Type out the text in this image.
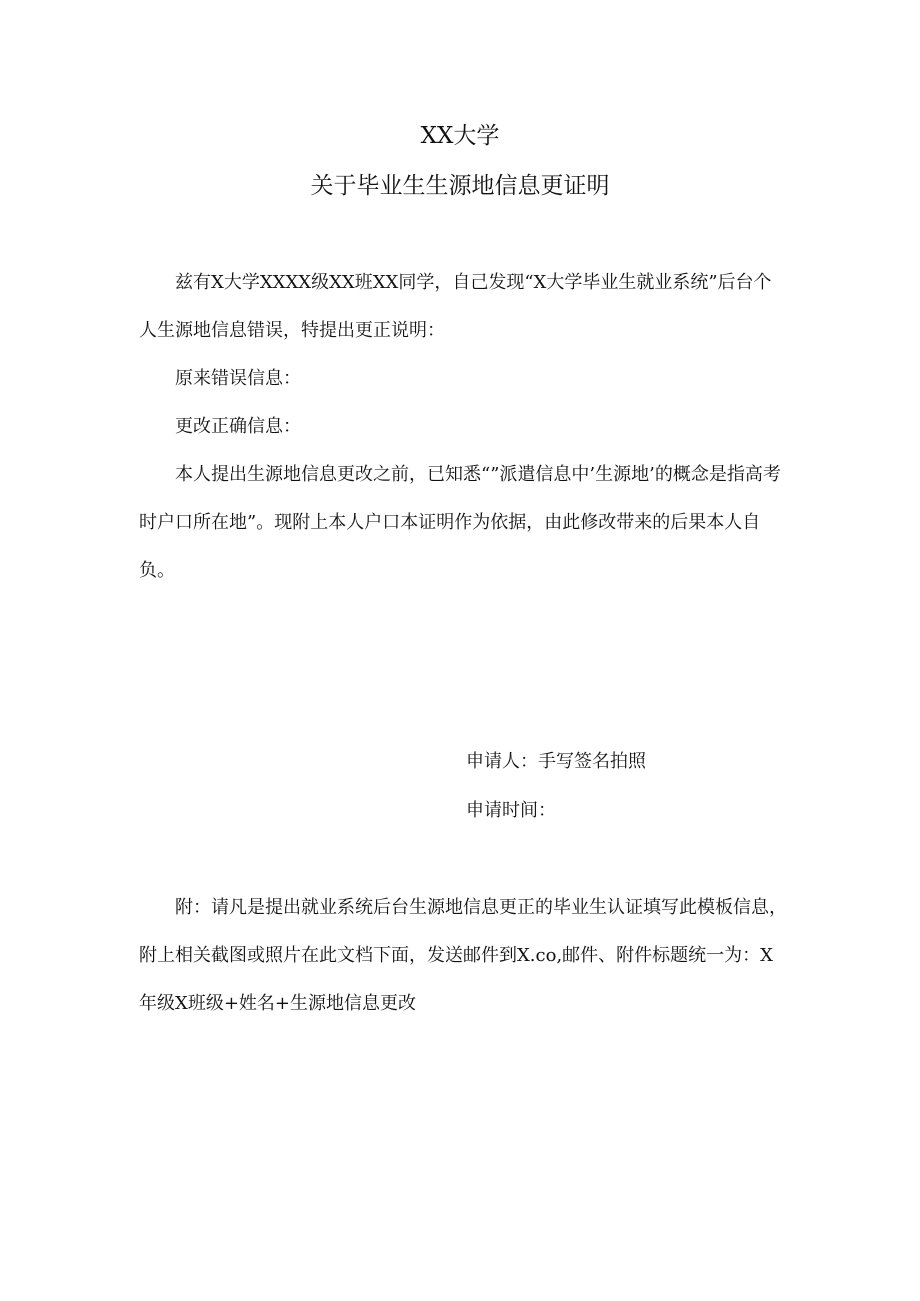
XX大学
关于毕业生生源地信息更证明

兹有X大学XXXX级XX班XX同学，自己发现“X大学毕业生就业系统”后台个人生源地信息错误，特提出更正说明：

原来错误信息：

更改正确信息：

本人提出生源地信息更改之前，已知悉“”派遣信息中’生源地’的概念是指高考时户口所在地”。现附上本人户口本证明作为依据，由此修改带来的后果本人自负。

申请人：手写签名拍照

申请时间：

附：请凡是提出就业系统后台生源地信息更正的毕业生认证填写此模板信息，附上相关截图或照片在此文档下面，发送邮件到X.co,邮件、附件标题统一为：X年级X班级+姓名+生源地信息更改
